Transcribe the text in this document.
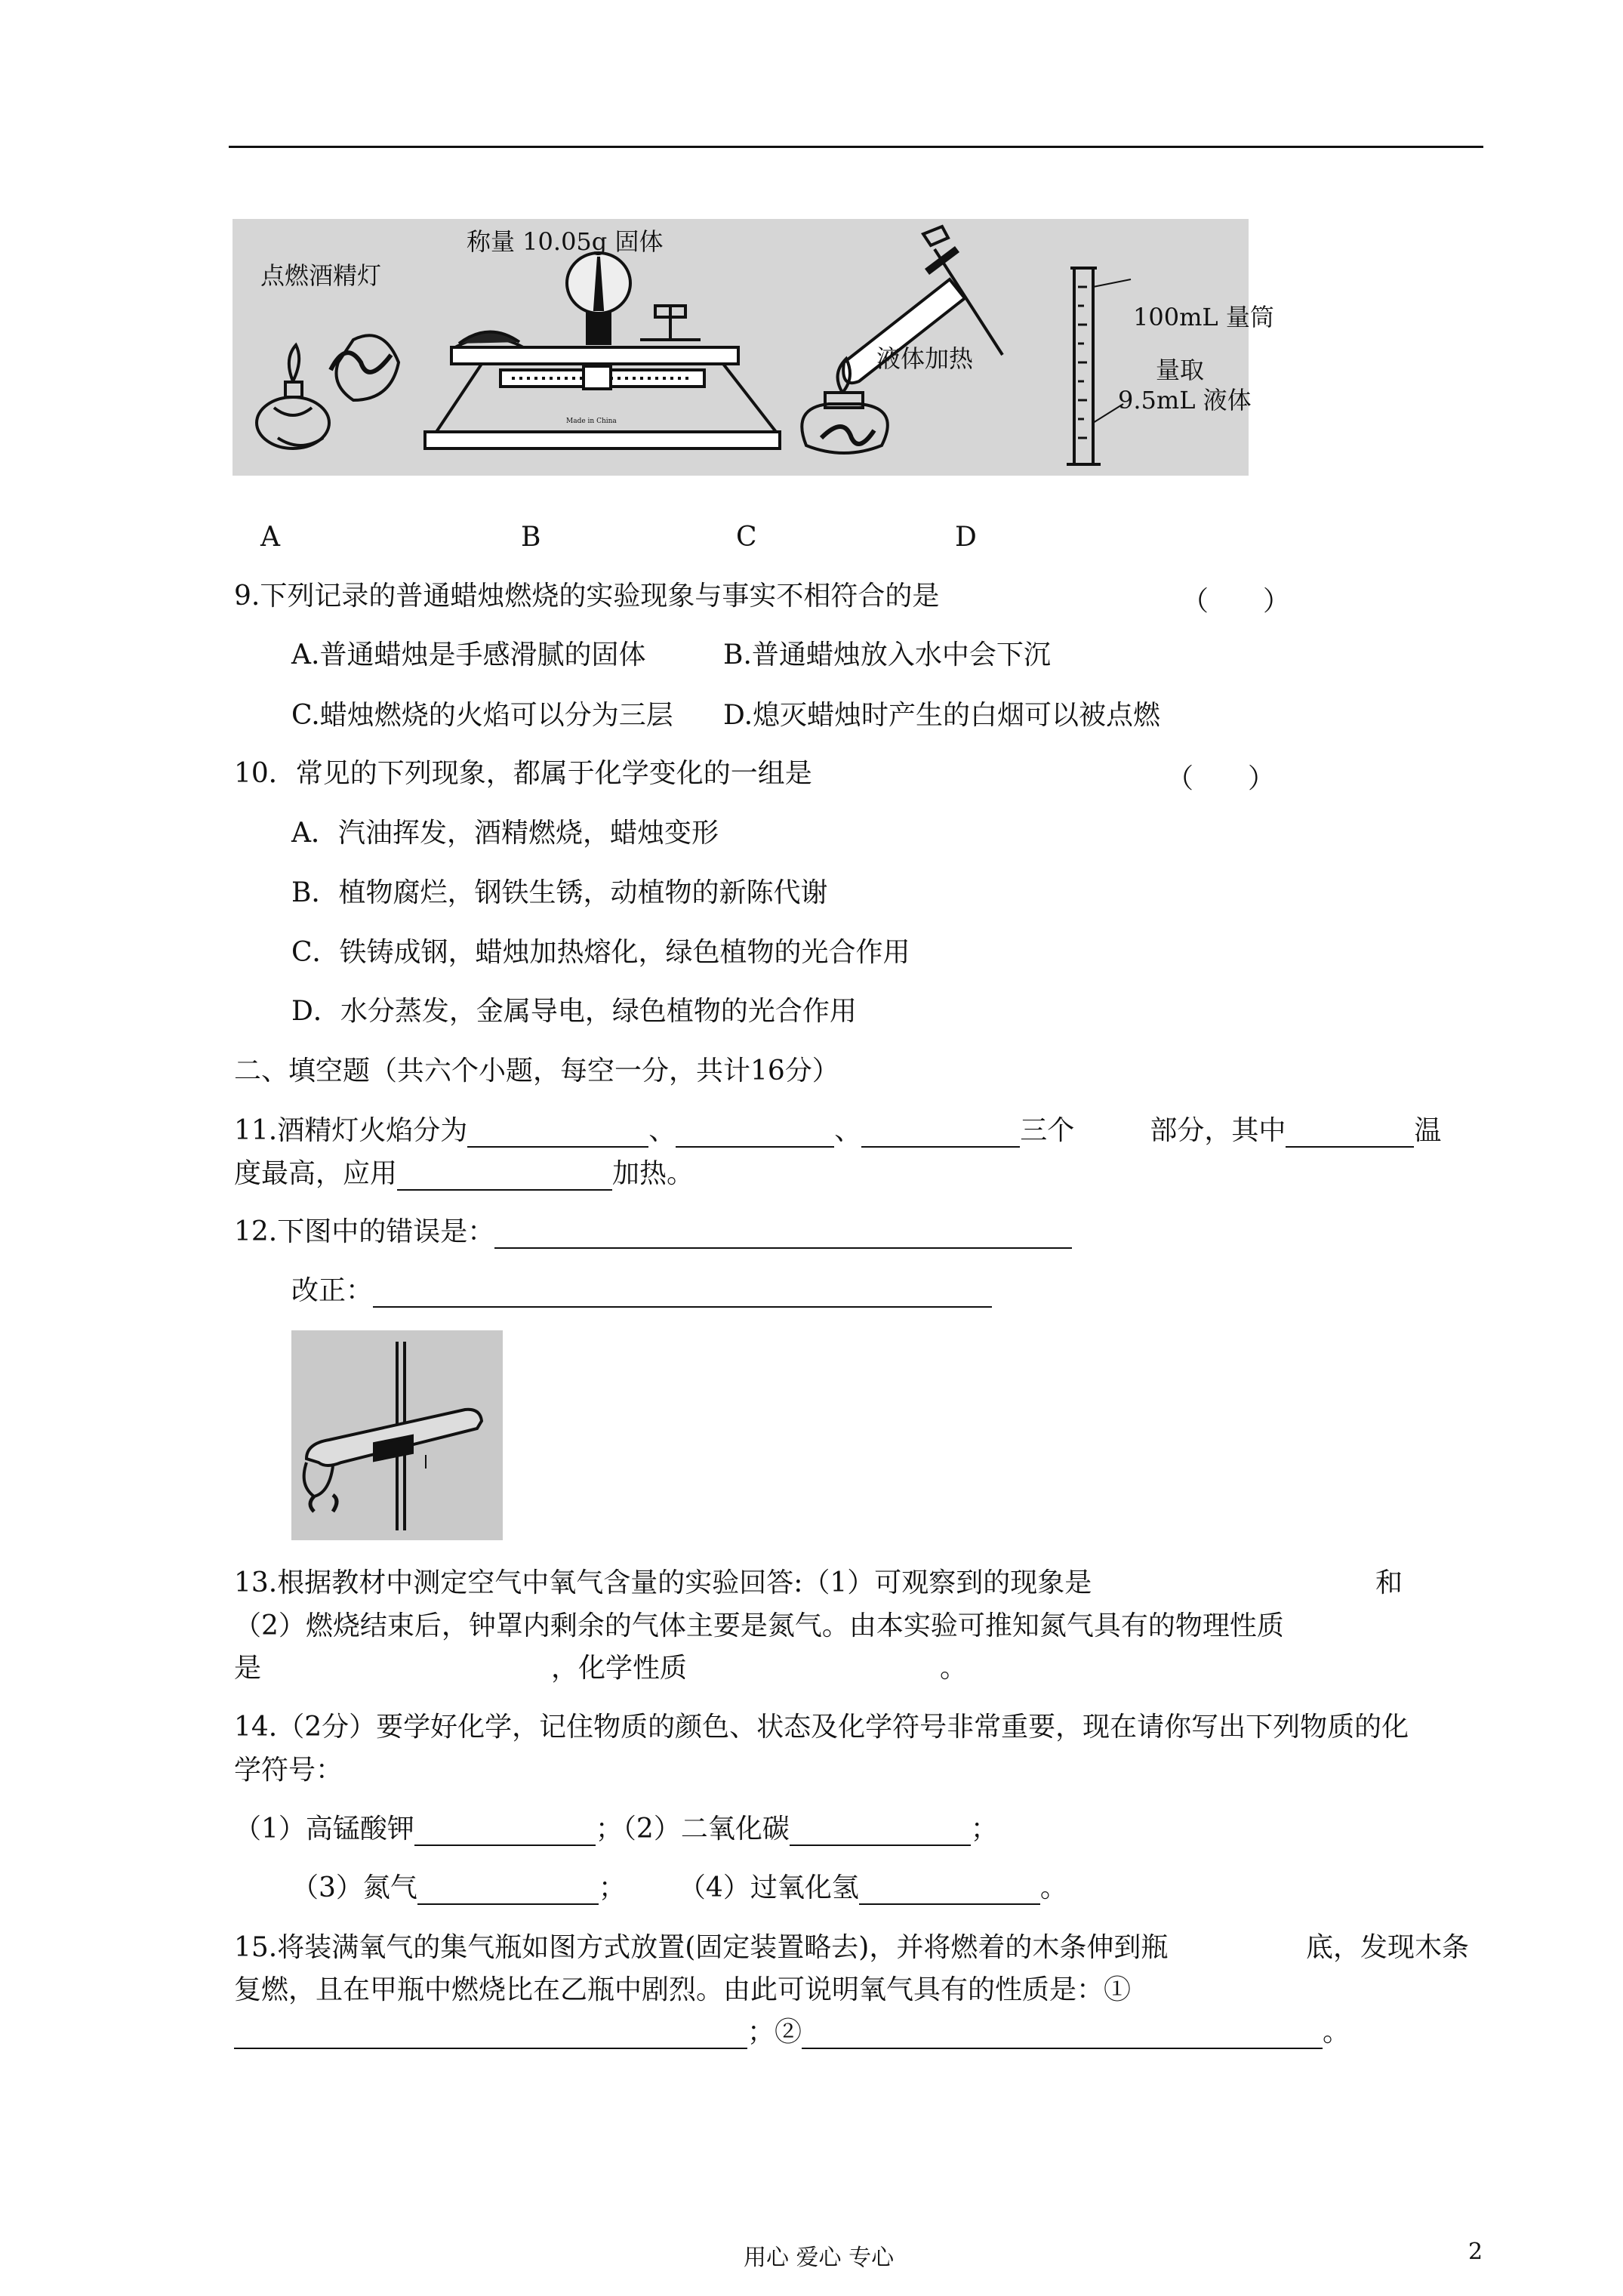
Made in China
点燃酒精灯
称量 10.05g 固体
液体加热
100mL 量筒
量取
9.5mL 液体
A	B	C	D
9.下列记录的普通蜡烛燃烧的实验现象与事实不相符合的是	（　　）
A.普通蜡烛是手感滑腻的固体	B.普通蜡烛放入水中会下沉
C.蜡烛燃烧的火焰可以分为三层 D.熄灭蜡烛时产生的白烟可以被点燃
10．常见的下列现象，都属于化学变化的一组是	（　　）
A．汽油挥发，酒精燃烧，蜡烛变形
B．植物腐烂，钢铁生锈，动植物的新陈代谢
C．铁铸成钢，蜡烛加热熔化，绿色植物的光合作用
D．水分蒸发，金属导电，绿色植物的光合作用
二、填空题（共六个小题，每空一分，共计16分）
11.酒精灯火焰分为	、	、	三个	部分，其中	温
度最高，应用	加热。
12.下图中的错误是：
改正：
13.根据教材中测定空气中氧气含量的实验回答:（1）可观察到的现象是	和
（2）燃烧结束后，钟罩内剩余的气体主要是氮气。由本实验可推知氮气具有的物理性质
是	，化学性质	。
14.（2分）要学好化学，记住物质的颜色、状态及化学符号非常重要，现在请你写出下列物质的化
学符号：
（1）高锰酸钾	；（2）二氧化碳	；
（3）氮气	； （4）过氧化氢	。
15.将装满氧气的集气瓶如图方式放置(固定装置略去)，并将燃着的木条伸到瓶	底，发现木条
复燃，且在甲瓶中燃烧比在乙瓶中剧烈。由此可说明氧气具有的性质是：①
；②	。
用心 爱心 专心	2
